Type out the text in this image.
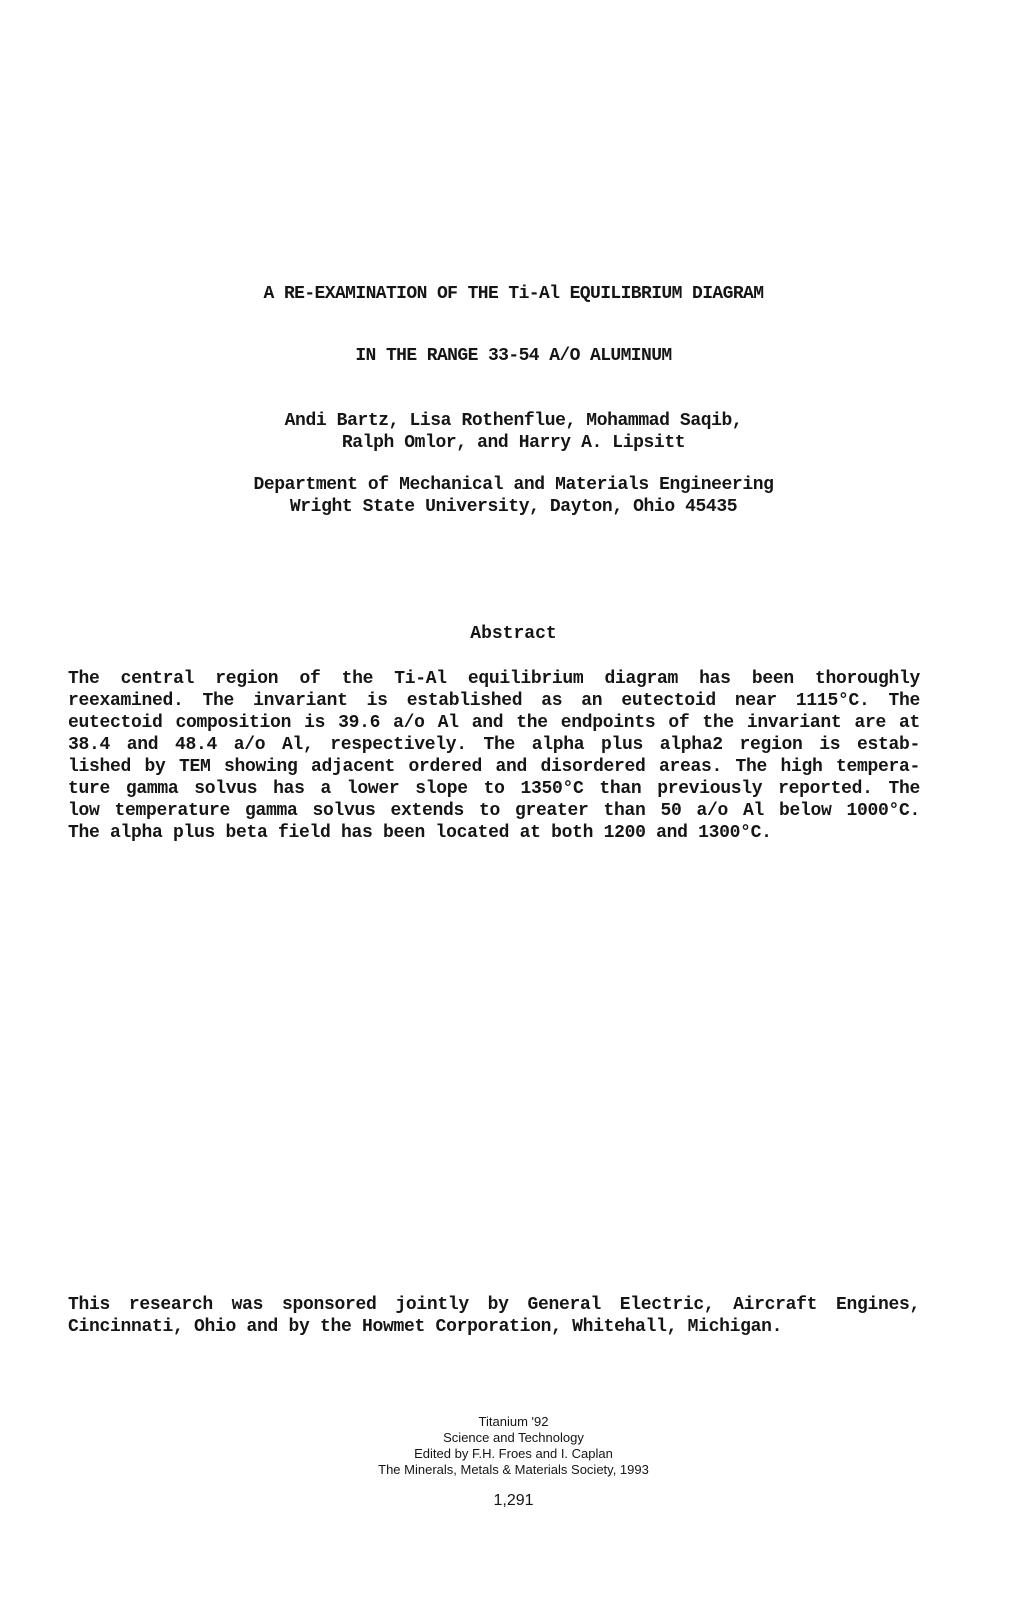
A RE-EXAMINATION OF THE Ti-Al EQUILIBRIUM DIAGRAM
IN THE RANGE 33-54 A/O ALUMINUM
Andi Bartz, Lisa Rothenflue, Mohammad Saqib,
Ralph Omlor, and Harry A. Lipsitt
Department of Mechanical and Materials Engineering
Wright State University, Dayton, Ohio 45435
Abstract
The central region of the Ti-Al equilibrium diagram has been thoroughly
reexamined. The invariant is established as an eutectoid near 1115°C. The
eutectoid composition is 39.6 a/o Al and the endpoints of the invariant are at
38.4 and 48.4 a/o Al, respectively. The alpha plus alpha2 region is estab-
lished by TEM showing adjacent ordered and disordered areas. The high tempera-
ture gamma solvus has a lower slope to 1350°C than previously reported. The
low temperature gamma solvus extends to greater than 50 a/o Al below 1000°C.
The alpha plus beta field has been located at both 1200 and 1300°C.
This research was sponsored jointly by General Electric, Aircraft Engines,
Cincinnati, Ohio and by the Howmet Corporation, Whitehall, Michigan.
Titanium '92
Science and Technology
Edited by F.H. Froes and I. Caplan
The Minerals, Metals & Materials Society, 1993
1,291
